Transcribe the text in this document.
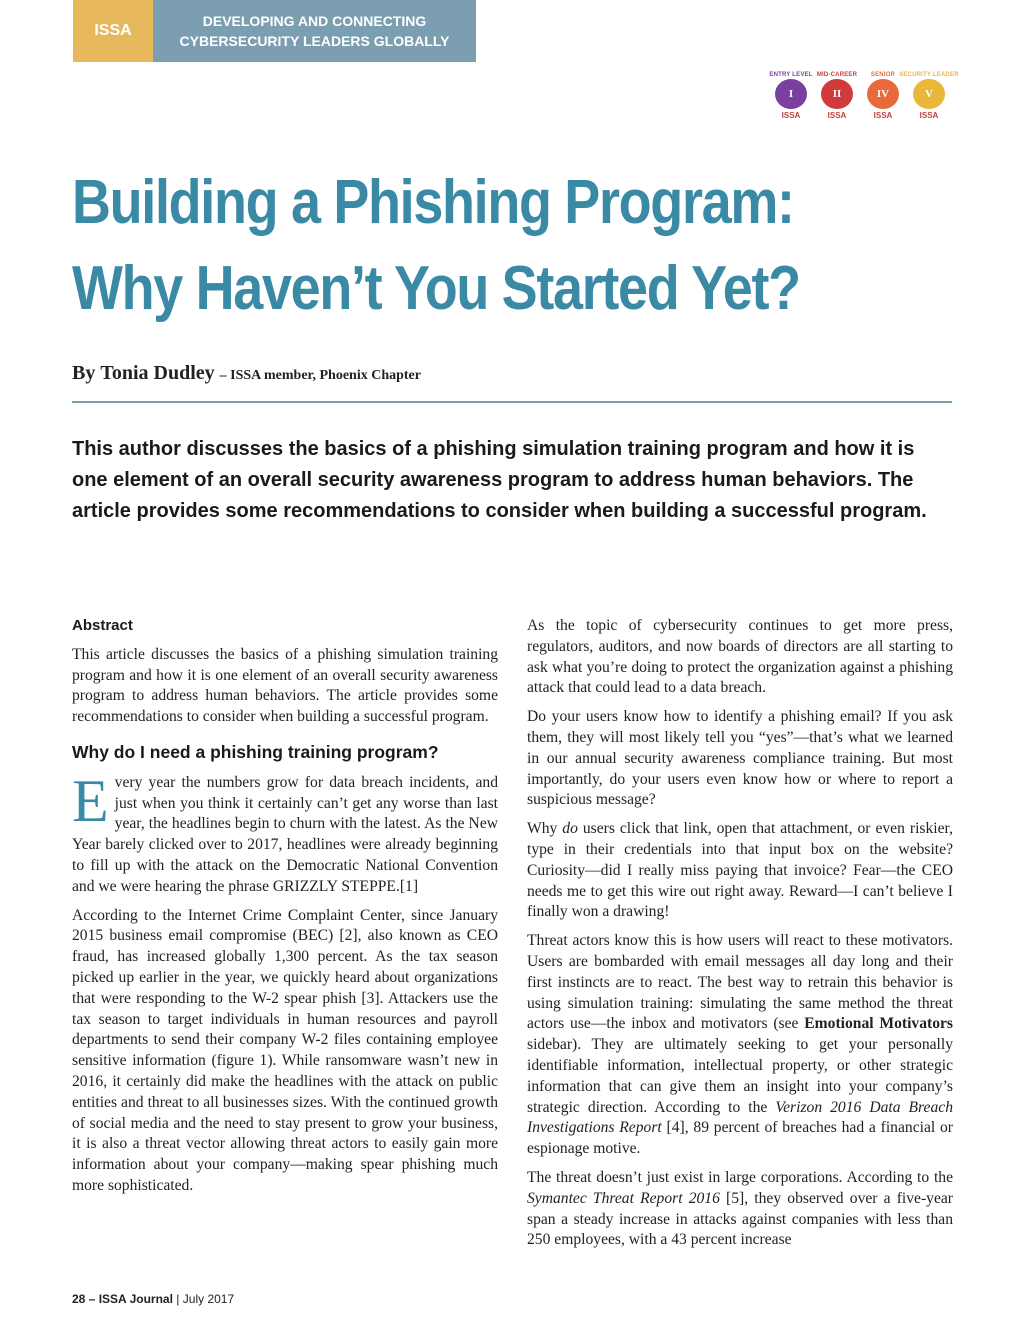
ISSA
DEVELOPING AND CONNECTING
CYBERSECURITY LEADERS GLOBALLY
ENTRY LEVEL
I
ISSA
MID-CAREER
II
ISSA
SENIOR
IV
ISSA
SECURITY LEADER
V
ISSA
Building a Phishing Program:
Why Haven’t You Started Yet?
By Tonia Dudley – ISSA member, Phoenix Chapter
This author discusses the basics of a phishing simulation training program and how it is one element of an overall security awareness program to address human behaviors. The article provides some recommendations to consider when building a successful program.
Abstract

This article discusses the basics of a phishing simulation training program and how it is one element of an overall security awareness program to address human behaviors. The article provides some recommendations to consider when building a successful program.

Why do I need a phishing training program?

Every year the numbers grow for data breach incidents, and just when you think it certainly can’t get any worse than last year, the headlines begin to churn with the latest. As the New Year barely clicked over to 2017, headlines were already beginning to fill up with the attack on the Democratic National Convention and we were hearing the phrase GRIZZLY STEPPE.[1]

According to the Internet Crime Complaint Center, since January 2015 business email compromise (BEC) [2], also known as CEO fraud, has increased globally 1,300 percent. As the tax season picked up earlier in the year, we quickly heard about organizations that were responding to the W-2 spear phish [3]. Attackers use the tax season to target individuals in human resources and payroll departments to send their company W-2 files containing employee sensitive information (figure 1). While ransomware wasn’t new in 2016, it certainly did make the headlines with the attack on public entities and threat to all businesses sizes. With the continued growth of social media and the need to stay present to grow your business, it is also a threat vector allowing threat actors to easily gain more information about your company—making spear phishing much more sophisticated.

As the topic of cybersecurity continues to get more press, regulators, auditors, and now boards of directors are all starting to ask what you’re doing to protect the organization against a phishing attack that could lead to a data breach.

Do your users know how to identify a phishing email? If you ask them, they will most likely tell you “yes”—that’s what we learned in our annual security awareness compliance training. But most importantly, do your users even know how or where to report a suspicious message?

Why do users click that link, open that attachment, or even riskier, type in their credentials into that input box on the website? Curiosity—did I really miss paying that invoice? Fear—the CEO needs me to get this wire out right away. Reward—I can’t believe I finally won a drawing!

Threat actors know this is how users will react to these motivators. Users are bombarded with email messages all day long and their first instincts are to react. The best way to retrain this behavior is using simulation training: simulating the same method the threat actors use—the inbox and motivators (see Emotional Motivators sidebar). They are ultimately seeking to get your personally identifiable information, intellectual property, or other strategic information that can give them an insight into your company’s strategic direction. According to the Verizon 2016 Data Breach Investigations Report [4], 89 percent of breaches had a financial or espionage motive.

The threat doesn’t just exist in large corporations. According to the Symantec Threat Report 2016 [5], they observed over a five-year span a steady increase in attacks against companies with less than 250 employees, with a 43 percent increase

28 – ISSA Journal | July 2017
